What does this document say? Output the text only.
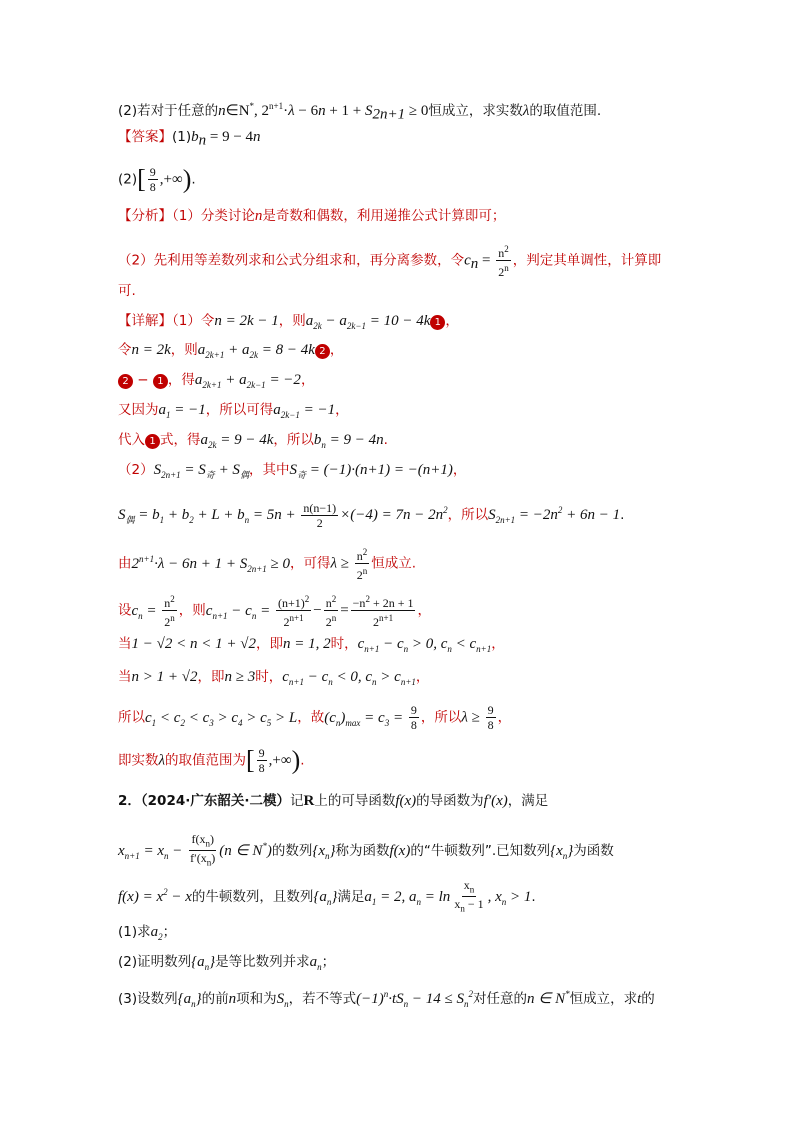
(2)若对于任意的n∈N*, $2^{n+1}\cdot\lambda - 6n + 1 + S_{2n+1} \ge 0$恒成立，求实数λ的取值范围.
【答案】$(1)b_n = 9 - 4n$
$(2)[ \frac{9}{8}$ ,+∞).
【分析】（1）分类讨论n是奇数和偶数，利用递推公式计算即可；
（2）先利用等差数列求和公式分组求和，再分离参数，令$c_n = \frac{n^2}{2^n}$ ，判定其单调性，计算即
可.
【详解】（1）令n = 2k − 1，则$a_{2k} - a_{2k-1} = 10 - 4k$ 1 ，
令n = 2k，则$a_{2k+1} + a_{2k} = 8 - 4k$ 2 ，
2 − 1 ，得$a_{2k+1} + a_{2k-1} = -2$，
又因为$a_1 = -1$，所以可得$a_{2k-1} = -1$，
代入 1 式，得$a_{2k} = 9 - 4k$，所以$b_n = 9 - 4n$.
$(2)S_{2n+1} = S_奇 + S_偶$，其中$S_奇 = (-1)\cdot(n+1) = -(n+1)$，
$S_偶 = b_1 + b_2 + L + b_n = 5n + \frac{n(n-1)}{2} \times(-4) = 7n - 2n^2$，所以$S_{2n+1} = -2n^2 + 6n - 1$.
由$2^{n+1}\cdot\lambda - 6n + 1 + S_{2n+1} \ge 0$，可得$\lambda \ge \frac{n^2}{2^n}$ 恒成立.
设$c_n = \frac{n^2}{2^n}$ ，则$c_{n+1} - c_n = \frac{(n+1)^2}{2^{n+1}} - \frac{n^2}{2^n} = \frac{-n^2 + 2n + 1}{2^{n+1}}$ ，
当1 − √2 < n < 1 + √2，即n = 1, 2时，$c_{n+1} - c_n > 0$, $c_n < c_{n+1}$，
当n > 1 + √2，即n ≥ 3时，$c_{n+1} - c_n < 0$, $c_n > c_{n+1}$，
所以$c_1 < c_2 < c_3 > c_4 > c_5 > L$，故$(c_n)_{max} = c_3 = \frac{9}{8}$ ，所以$\lambda \ge \frac{9}{8}$ ，
即实数λ的取值范围为[ $\frac{9}{8}$ ,+∞).
2．（2024·广东韶关·二模）记R上的可导函数f(x)的导函数为f′(x)，满足
$x_{n+1} = x_n - \frac{f(x_n)}{f'(x_n)} (n$ ∈ N*)的数列$\{x_n\}$称为函数f(x)的“牛顿数列”.已知数列$\{x_n\}$为函数
$f(x) = x^2 - x$的牛顿数列，且数列$\{a_n\}$满足$a_1 = 2$, $a_n = \ln \frac{x_n}{x_n - 1}$ , $x_n > 1$.
(1)求$a_2$；
(2)证明数列$\{a_n\}$是等比数列并求$a_n$；
(3)设数列$\{a_n\}$的前n项和为$S_n$，若不等式$(-1)^n\cdot tS_n - 14 \le S_n^2$对任意的n ∈ N*恒成立，求t的
